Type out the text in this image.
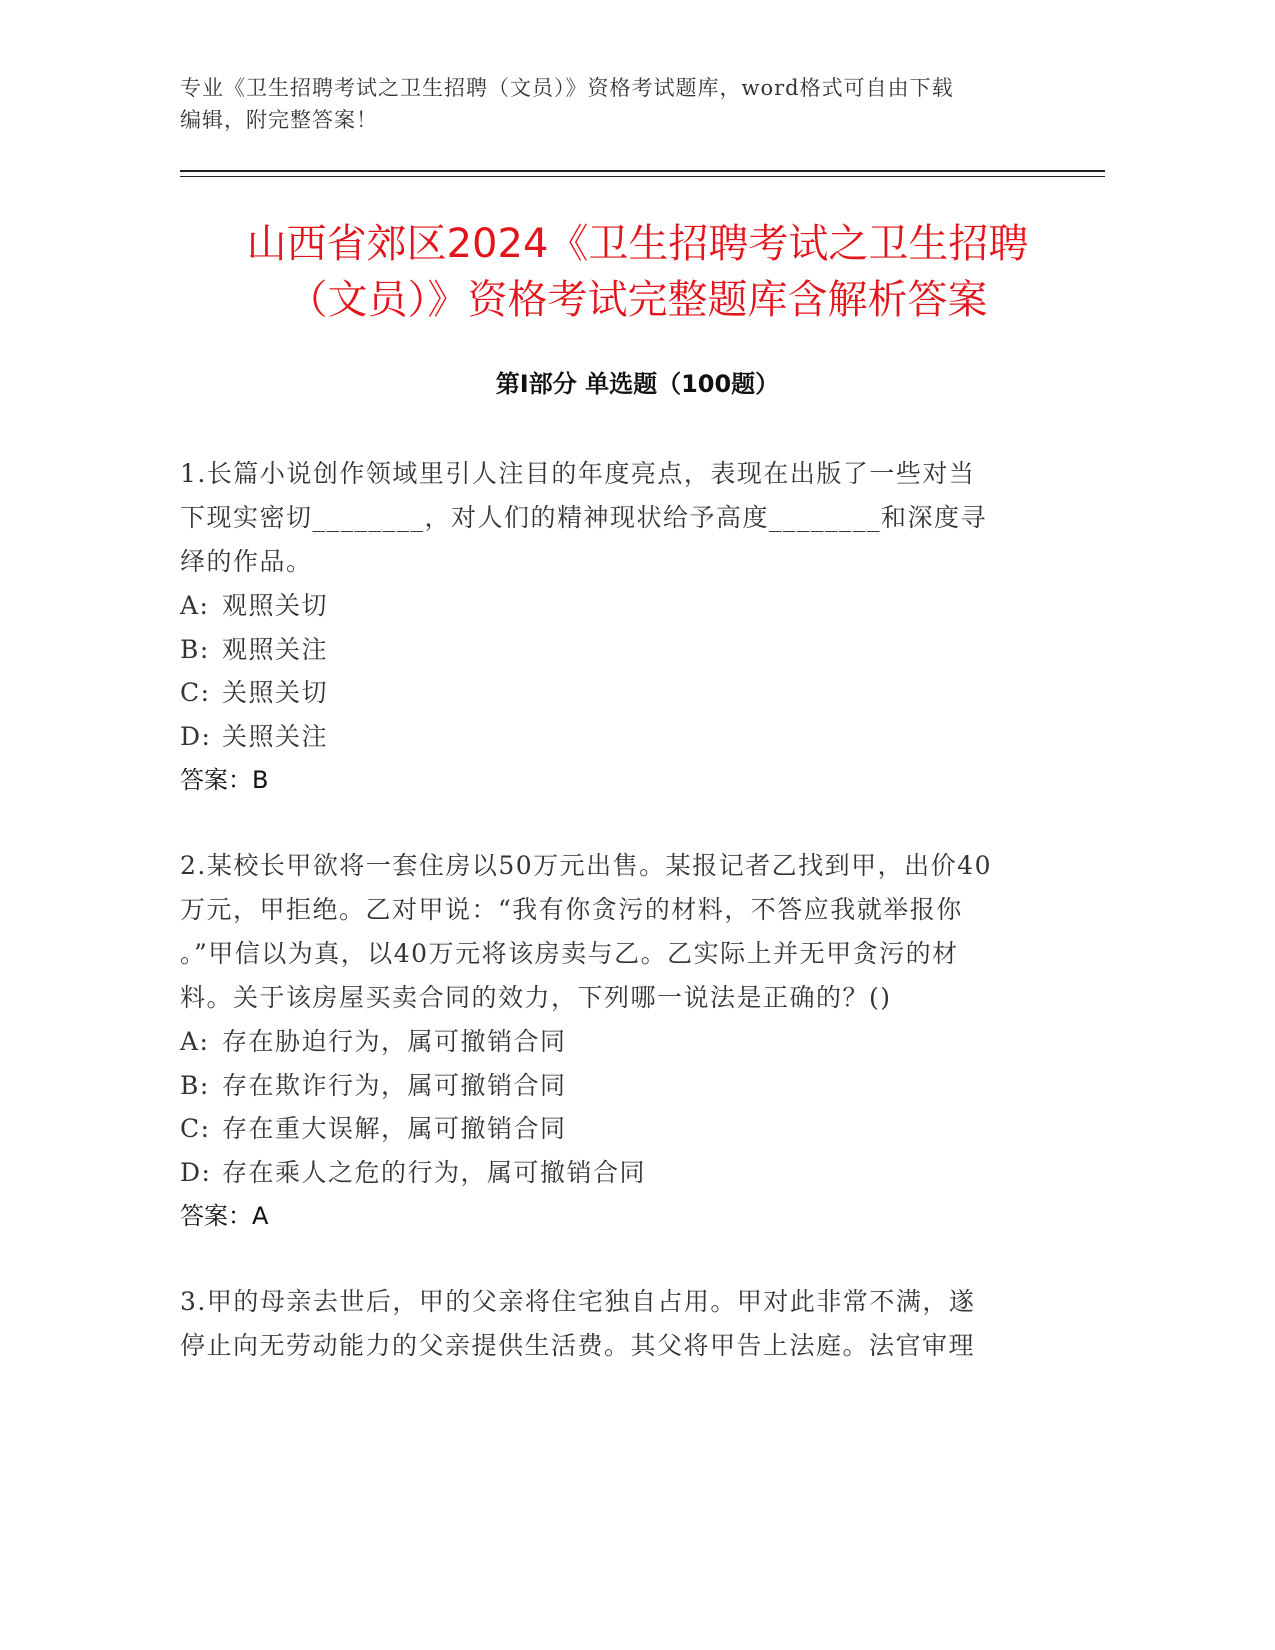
专业《卫生招聘考试之卫生招聘（文员）》资格考试题库，word格式可自由下载
编辑，附完整答案！
山西省郊区2024《卫生招聘考试之卫生招聘
（文员）》资格考试完整题库含解析答案
第Ⅰ部分 单选题（100题）
1.长篇小说创作领域里引人注目的年度亮点，表现在出版了一些对当
下现实密切________，对人们的精神现状给予高度________和深度寻
绎的作品。
A: 观照关切
B: 观照关注
C: 关照关切
D: 关照关注
答案： B
2.某校长甲欲将一套住房以50万元出售。某报记者乙找到甲，出价40
万元，甲拒绝。乙对甲说：“我有你贪污的材料，不答应我就举报你
。”甲信以为真，以40万元将该房卖与乙。乙实际上并无甲贪污的材
料。关于该房屋买卖合同的效力，下列哪一说法是正确的？()
A: 存在胁迫行为，属可撤销合同
B: 存在欺诈行为，属可撤销合同
C: 存在重大误解，属可撤销合同
D: 存在乘人之危的行为，属可撤销合同
答案： A
3.甲的母亲去世后，甲的父亲将住宅独自占用。甲对此非常不满，遂
停止向无劳动能力的父亲提供生活费。其父将甲告上法庭。法官审理
